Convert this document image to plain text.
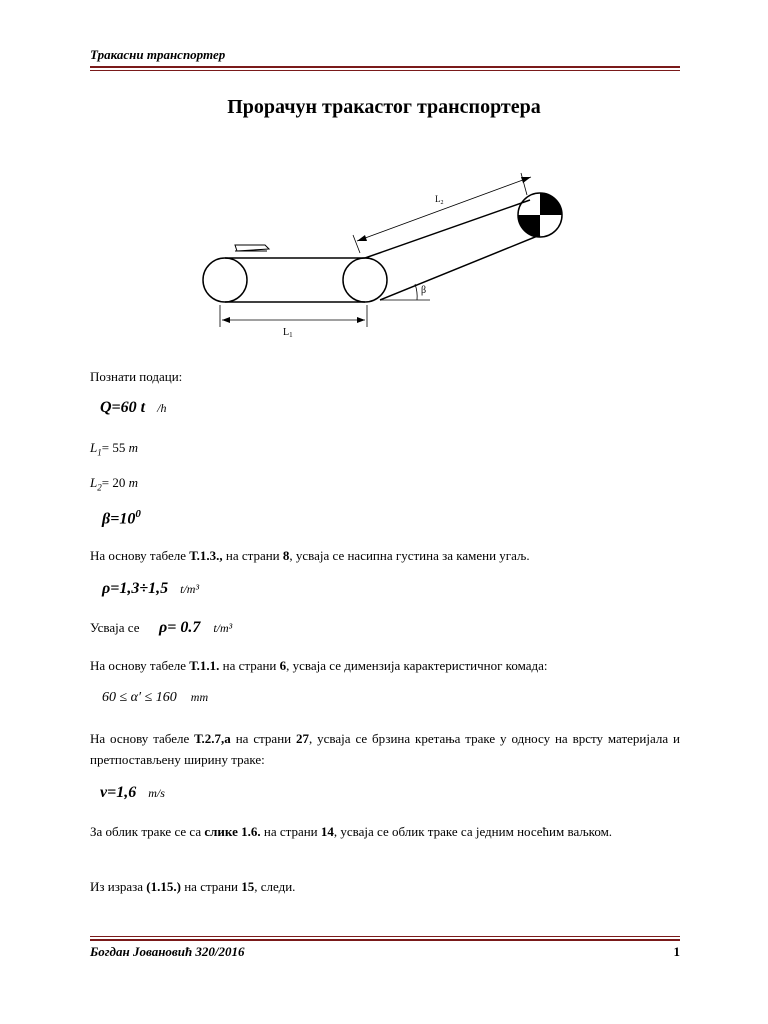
Тракасни транспортер
Прорачун тракастог транспортера
$L_1$
$L_2$
β
Познати подаци:
Q=60 t /h
$L_1= 55$ m
$L_2= 20$ m
$\beta=10^0$
На основу табеле Т.1.3., на страни 8, усваја се насипна густина за камени угаљ.
ρ=1,3÷1,5 t/m³
Усваја се ρ= 0.7 t/m³
На основу табеле Т.1.1. на страни 6, усваја се димензија карактеристичног комада:
60 ≤ α′ ≤ 160 mm
На основу табеле Т.2.7,а на страни 27, усваја се брзина кретања траке у односу на врсту материјала и претпостављену ширину траке:
v=1,6 m/s
За облик траке се са слике 1.6. на страни 14, усваја се облик траке са једним носећим ваљком.
Из израза (1.15.) на страни 15, следи.
Богдан Јовановић 320/2016	1
